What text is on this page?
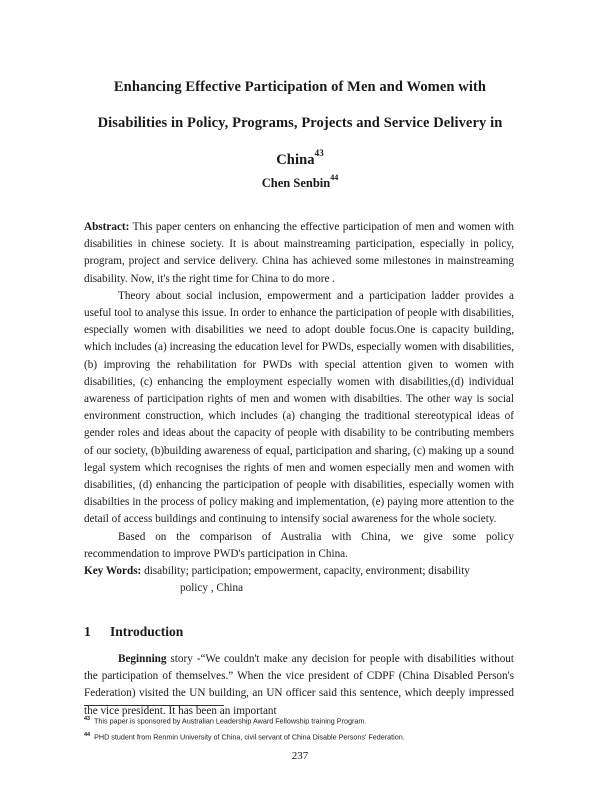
Enhancing Effective Participation of Men and Women with
Disabilities in Policy, Programs, Projects and Service Delivery in
China$^{43}$
Chen Senbin$^{44}$

Abstract: This paper centers on enhancing the effective participation of men and women with disabilities in chinese society. It is about mainstreaming participation, especially in policy, program, project and service delivery. China has achieved some milestones in mainstreaming disability. Now, it's the right time for China to do more .

Theory about social inclusion, empowerment and a participation ladder provides a useful tool to analyse this issue. In order to enhance the participation of people with disabilities, especially women with disabilities we need to adopt double focus.One is capacity building, which includes (a) increasing the education level for PWDs, especially women with disabilities, (b) improving the rehabilitation for PWDs with special attention given to women with disabilities, (c) enhancing the employment especially women with disabilities,(d) individual awareness of participation rights of men and women with disabilties. The other way is social environment construction, which includes (a) changing the traditional stereotypical ideas of gender roles and ideas about the capacity of people with disability to be contributing members of our society, (b)building awareness of equal, participation and sharing, (c) making up a sound legal system which recognises the rights of men and women especially men and women with disabilities, (d) enhancing the participation of people with disabilities, especially women with disabilties in the process of policy making and implementation, (e) paying more attention to the detail of access buildings and continuing to intensify social awareness for the whole society.

Based on the comparison of Australia with China, we give some policy recommendation to improve PWD's participation in China.

Key Words: disability; participation; empowerment, capacity, environment; disability

policy , China

1 Introduction

Beginning story -“We couldn't make any decision for people with disabilities without the participation of themselves.” When the vice president of CDPF (China Disabled Person's Federation) visited the UN building, an UN officer said this sentence, which deeply impressed the vice president. It has been an important

$^{43}$ This paper is sponsored by Australian Leadership Award Fellowship training Program.

$^{44}$ PHD student from Renmin University of China, civil servant of China Disable Persons' Federation.

237
